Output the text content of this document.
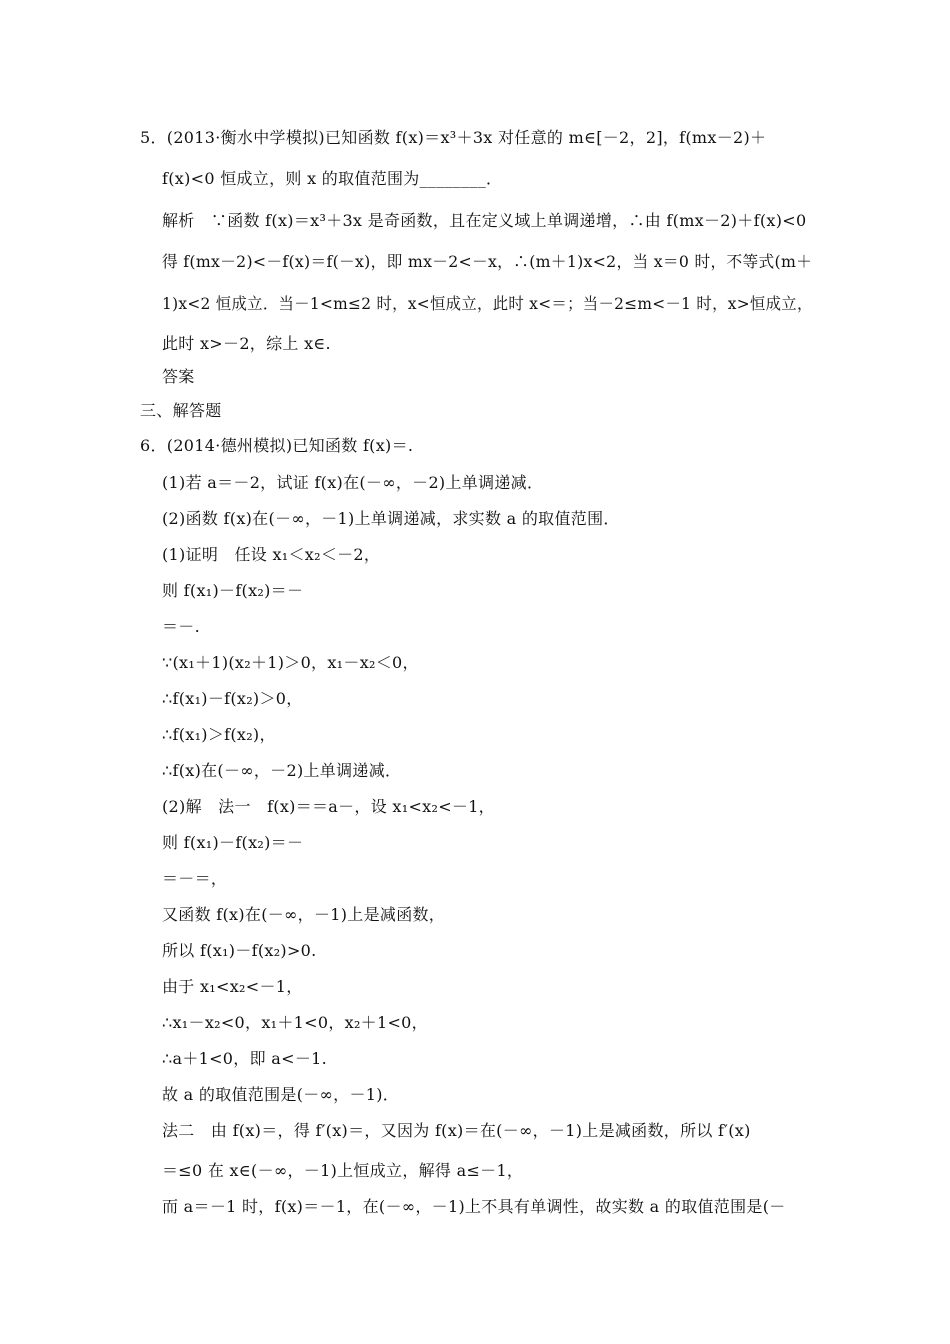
5．(2013·衡水中学模拟)已知函数 f(x)＝x³＋3x 对任意的 m∈[－2，2]，f(mx－2)＋
f(x)<0 恒成立，则 x 的取值范围为________．
解析　∵函数 f(x)＝x³＋3x 是奇函数，且在定义域上单调递增，∴由 f(mx－2)＋f(x)<0
得 f(mx－2)<－f(x)＝f(－x)，即 mx－2<－x，∴(m＋1)x<2，当 x＝0 时，不等式(m＋
1)x<2 恒成立．当－1<m≤2 时，x<恒成立，此时 x<＝；当－2≤m<－1 时，x>恒成立，
此时 x>－2，综上 x∈.
答案
三、解答题
6．(2014·德州模拟)已知函数 f(x)＝.
(1)若 a＝－2，试证 f(x)在(－∞，－2)上单调递减．
(2)函数 f(x)在(－∞，－1)上单调递减，求实数 a 的取值范围．
(1)证明　任设 x₁＜x₂＜－2，
则 f(x₁)－f(x₂)＝－
＝－.
∵(x₁＋1)(x₂＋1)＞0，x₁－x₂＜0，
∴f(x₁)－f(x₂)＞0，
∴f(x₁)＞f(x₂)，
∴f(x)在(－∞，－2)上单调递减．
(2)解　法一　f(x)＝＝a－，设 x₁<x₂<－1，
则 f(x₁)－f(x₂)＝－
＝－＝，
又函数 f(x)在(－∞，－1)上是减函数，
所以 f(x₁)－f(x₂)>0.
由于 x₁<x₂<－1，
∴x₁－x₂<0，x₁＋1<0，x₂＋1<0，
∴a＋1<0，即 a<－1.
故 a 的取值范围是(－∞，－1)．
法二　由 f(x)＝，得 f′(x)＝，又因为 f(x)＝在(－∞，－1)上是减函数，所以 f′(x)
＝≤0 在 x∈(－∞，－1)上恒成立，解得 a≤－1，
而 a＝－1 时，f(x)＝－1，在(－∞，－1)上不具有单调性，故实数 a 的取值范围是(－
